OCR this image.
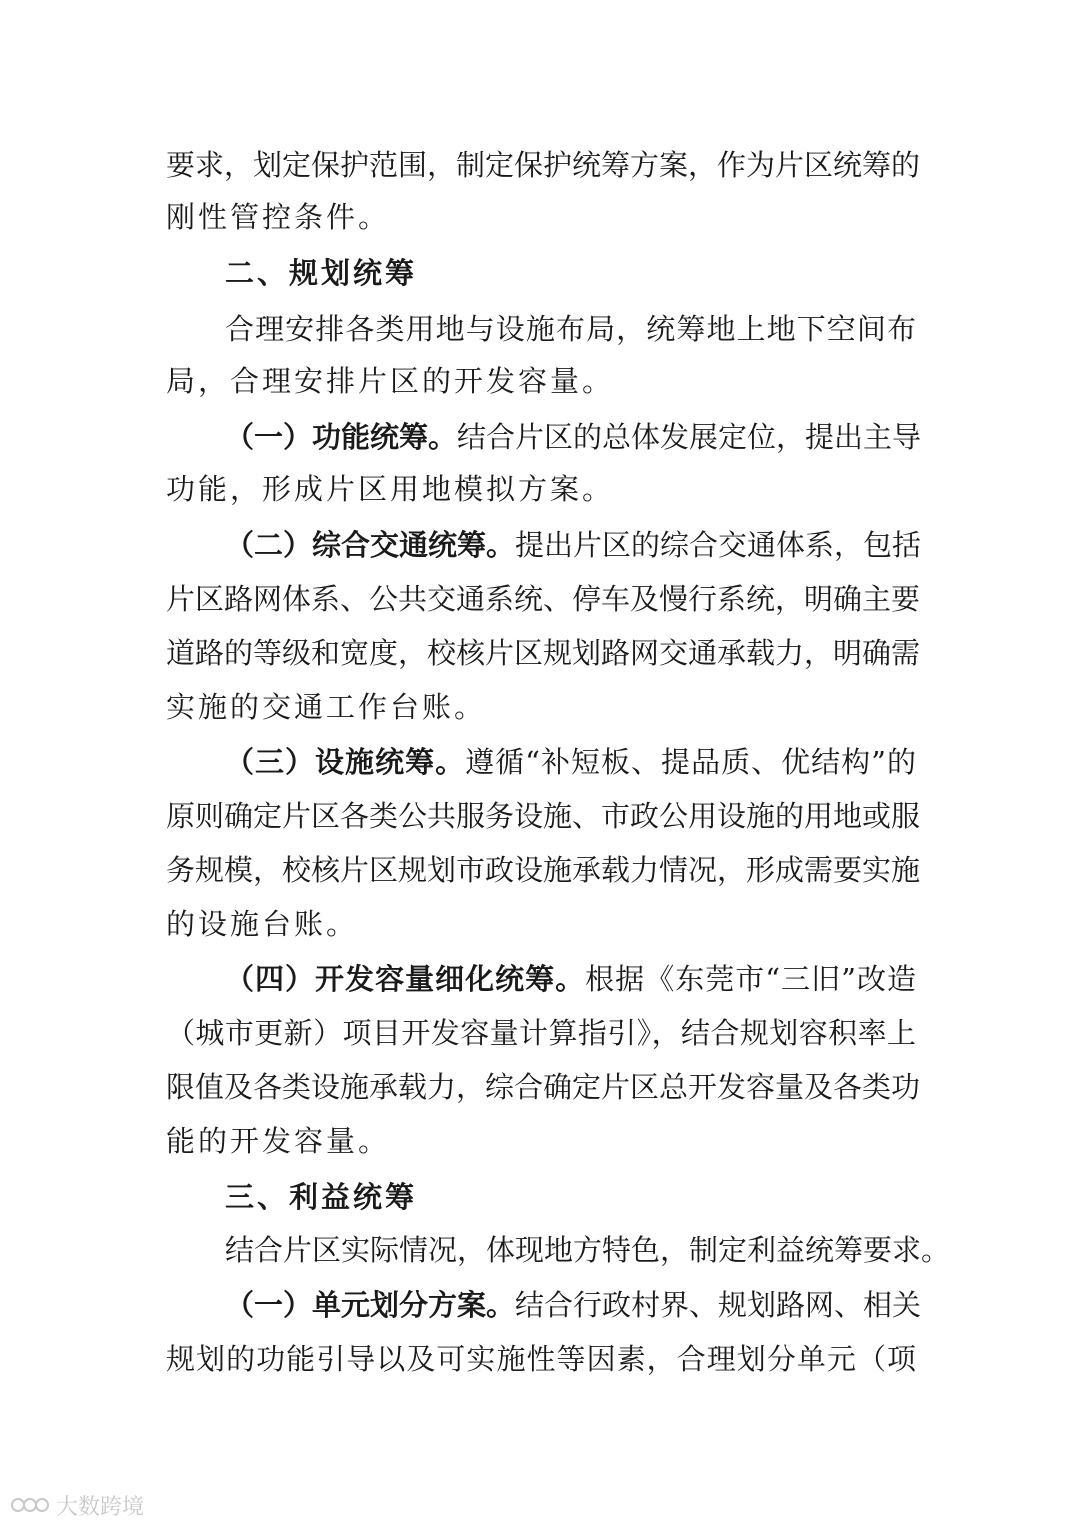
要求，划定保护范围，制定保护统筹方案，作为片区统筹的
刚性管控条件。
二、规划统筹
合理安排各类用地与设施布局，统筹地上地下空间布
局，合理安排片区的开发容量。
（一）功能统筹。结合片区的总体发展定位，提出主导
功能，形成片区用地模拟方案。
（二）综合交通统筹。提出片区的综合交通体系，包括
片区路网体系、公共交通系统、停车及慢行系统，明确主要
道路的等级和宽度，校核片区规划路网交通承载力，明确需
实施的交通工作台账。
（三）设施统筹。遵循“补短板、提品质、优结构”的
原则确定片区各类公共服务设施、市政公用设施的用地或服
务规模，校核片区规划市政设施承载力情况，形成需要实施
的设施台账。
（四）开发容量细化统筹。根据《东莞市“三旧”改造
（城市更新）项目开发容量计算指引》，结合规划容积率上
限值及各类设施承载力，综合确定片区总开发容量及各类功
能的开发容量。
三、利益统筹
结合片区实际情况，体现地方特色，制定利益统筹要求。
（一）单元划分方案。结合行政村界、规划路网、相关
规划的功能引导以及可实施性等因素，合理划分单元（项
大数跨境
